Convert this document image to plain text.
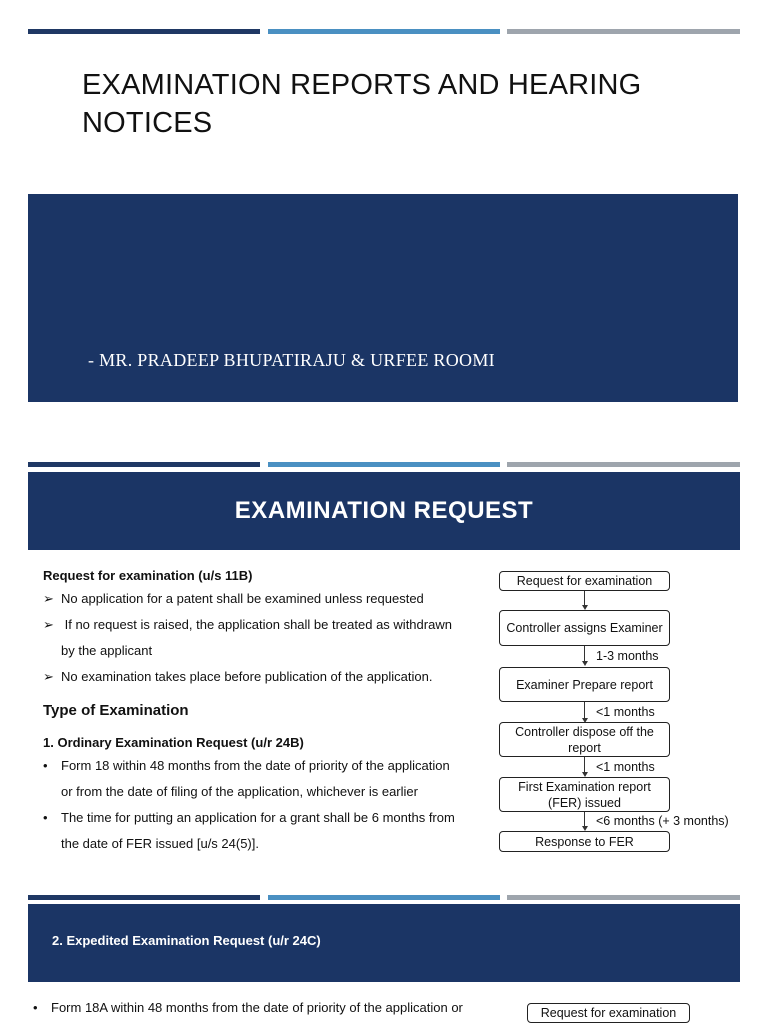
EXAMINATION REPORTS AND HEARING
NOTICES
- MR. PRADEEP BHUPATIRAJU & URFEE ROOMI
EXAMINATION REQUEST
Request for examination (u/s 11B)
➢ No application for a patent shall be examined unless requested
➢ If no request is raised, the application shall be treated as withdrawn
by the applicant
➢ No examination takes place before publication of the application.
Type of Examination
1. Ordinary Examination Request (u/r 24B)
• Form 18 within 48 months from the date of priority of the application
or from the date of filing of the application, whichever is earlier
• The time for putting an application for a grant shall be 6 months from
the date of FER issued [u/s 24(5)].
Request for examination
Controller assigns Examiner
1-3 months
Examiner Prepare report
<1 months
Controller dispose off the report
<1 months
First Examination report (FER) issued
<6 months (+ 3 months)
Response to FER
2. Expedited Examination Request (u/r 24C)
• Form 18A within 48 months from the date of priority of the application or	Request for examination
